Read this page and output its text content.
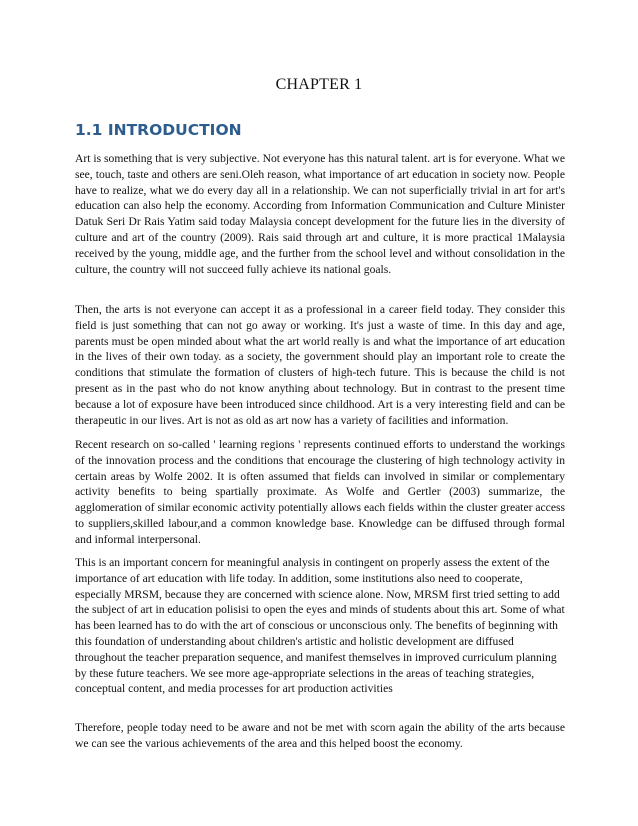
CHAPTER 1
1.1 INTRODUCTION

Art is something that is very subjective. Not everyone has this natural talent. art is for everyone. What we see, touch, taste and others are seni.Oleh reason, what importance of art education in society now. People have to realize, what we do every day all in a relationship. We can not superficially trivial in art for art's education can also help the economy. According from Information Communication and Culture Minister Datuk Seri Dr Rais Yatim said today Malaysia concept development for the future lies in the diversity of culture and art of the country (2009). Rais said through art and culture, it is more practical 1Malaysia received by the young, middle age, and the further from the school level and without consolidation in the culture, the country will not succeed fully achieve its national goals.

Then, the arts is not everyone can accept it as a professional in a career field today. They consider this field is just something that can not go away or working. It's just a waste of time. In this day and age, parents must be open minded about what the art world really is and what the importance of art education in the lives of their own today. as a society, the government should play an important role to create the conditions that stimulate the formation of clusters of high-tech future. This is because the child is not present as in the past who do not know anything about technology. But in contrast to the present time because a lot of exposure have been introduced since childhood. Art is a very interesting field and can be therapeutic in our lives. Art is not as old as art now has a variety of facilities and information.

Recent research on so-called ' learning regions ' represents continued efforts to understand the workings of the innovation process and the conditions that encourage the clustering of high technology activity in certain areas by Wolfe 2002. It is often assumed that fields can involved in similar or complementary activity benefits to being spartially proximate. As Wolfe and Gertler (2003) summarize, the agglomeration of similar economic activity potentially allows each fields within the cluster greater access to suppliers,skilled labour,and a common knowledge base. Knowledge can be diffused through formal and informal interpersonal.

This is an important concern for meaningful analysis in contingent on properly assess the extent of the importance of art education with life today. In addition, some institutions also need to cooperate, especially MRSM, because they are concerned with science alone. Now, MRSM first tried setting to add the subject of art in education polisisi to open the eyes and minds of students about this art. Some of what has been learned has to do with the art of conscious or unconscious only. The benefits of beginning with this foundation of understanding about children's artistic and holistic development are diffused throughout the teacher preparation sequence, and manifest themselves in improved curriculum planning by these future teachers. We see more age-appropriate selections in the areas of teaching strategies, conceptual content, and media processes for art production activities

Therefore, people today need to be aware and not be met with scorn again the ability of the arts because we can see the various achievements of the area and this helped boost the economy.
